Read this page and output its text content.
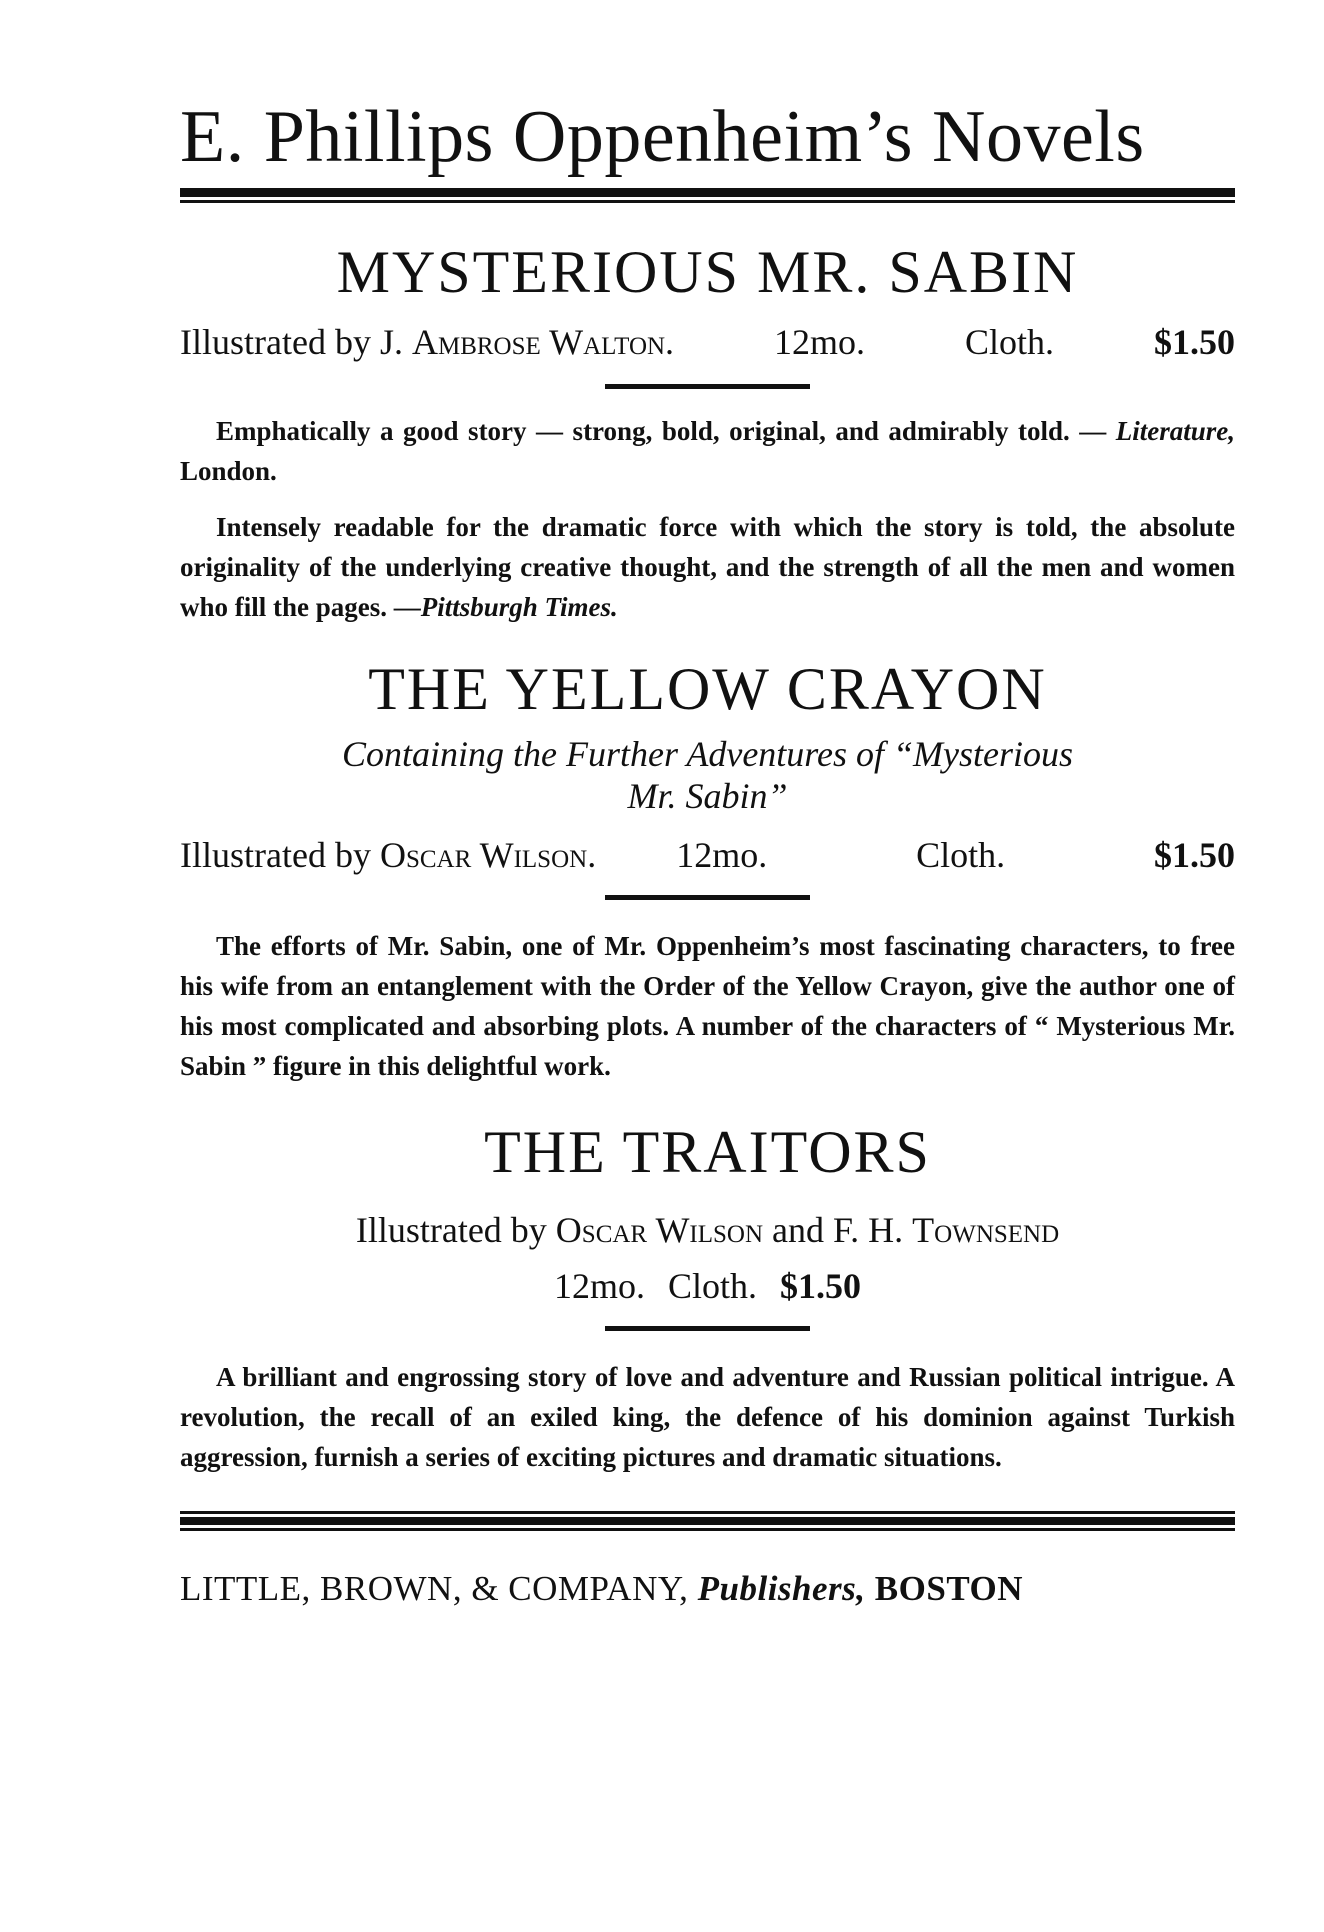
E. Phillips Oppenheim’s Novels
MYSTERIOUS MR. SABIN
Illustrated by J. Ambrose Walton.	12mo.	Cloth.	$1.50

Emphatically a good story — strong, bold, original, and admirably told. — Literature, London.

Intensely readable for the dramatic force with which the story is told, the absolute originality of the underlying creative thought, and the strength of all the men and women who fill the pages. —Pittsburgh Times.

THE YELLOW CRAYON

Containing the Further Adventures of “Mysterious
Mr. Sabin”

Illustrated by Oscar Wilson. 12mo.	Cloth.	$1.50

The efforts of Mr. Sabin, one of Mr. Oppenheim’s most fascinating characters, to free his wife from an entanglement with the Order of the Yellow Crayon, give the author one of his most complicated and absorbing plots. A number of the characters of “ Mysterious Mr. Sabin ” figure in this delightful work.

THE TRAITORS
Illustrated by Oscar Wilson and F. H. Townsend
12mo. Cloth. $1.50

A brilliant and engrossing story of love and adventure and Russian political intrigue. A revolution, the recall of an exiled king, the defence of his dominion against Turkish aggression, furnish a series of exciting pictures and dramatic situations.

LITTLE, BROWN, & COMPANY, Publishers, BOSTON
